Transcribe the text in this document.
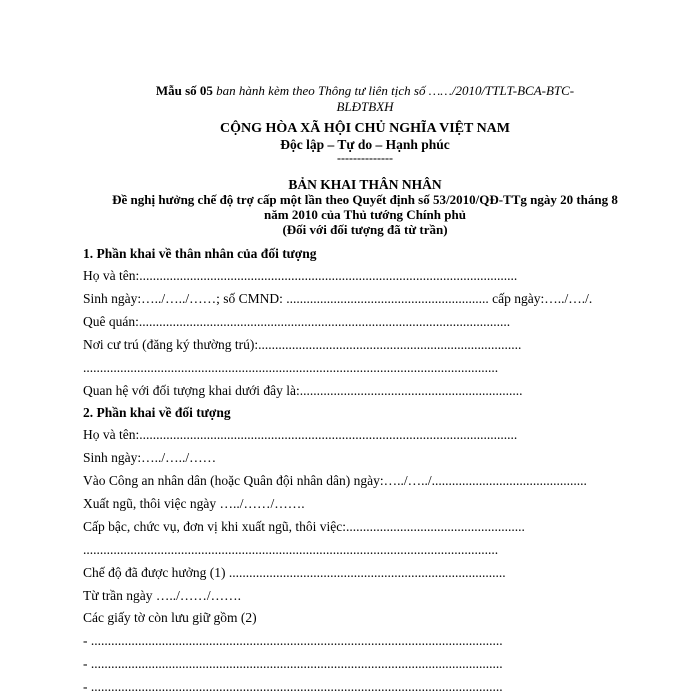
Mẫu số 05 ban hành kèm theo Thông tư liên tịch số ……/2010/TTLT-BCA-BTC-
BLĐTBXH
CỘNG HÒA XÃ HỘI CHỦ NGHĨA VIỆT NAM
Độc lập – Tự do – Hạnh phúc
--------------
BẢN KHAI THÂN NHÂN
Đề nghị hưởng chế độ trợ cấp một lần theo Quyết định số 53/2010/QĐ-TTg ngày 20 tháng 8
năm 2010 của Thủ tướng Chính phủ
(Đối với đối tượng đã từ trần)
1. Phần khai về thân nhân của đối tượng
Họ và tên:................................................................................................................
Sinh ngày:…../…../……; số CMND: ............................................................ cấp ngày:…../…./.
Quê quán:..............................................................................................................
Nơi cư trú (đăng ký thường trú):..............................................................................
...........................................................................................................................
Quan hệ với đối tượng khai dưới đây là:..................................................................
2. Phần khai về đối tượng
Họ và tên:................................................................................................................
Sinh ngày:…../…../……
Vào Công an nhân dân (hoặc Quân đội nhân dân) ngày:…../…../..............................................
Xuất ngũ, thôi việc ngày …../……/…….
Cấp bậc, chức vụ, đơn vị khi xuất ngũ, thôi việc:.....................................................
...........................................................................................................................
Chế độ đã được hưởng (1) ..................................................................................
Từ trần ngày …../……/…….
Các giấy tờ còn lưu giữ gồm (2)
- ..........................................................................................................................
- ..........................................................................................................................
- ..........................................................................................................................
